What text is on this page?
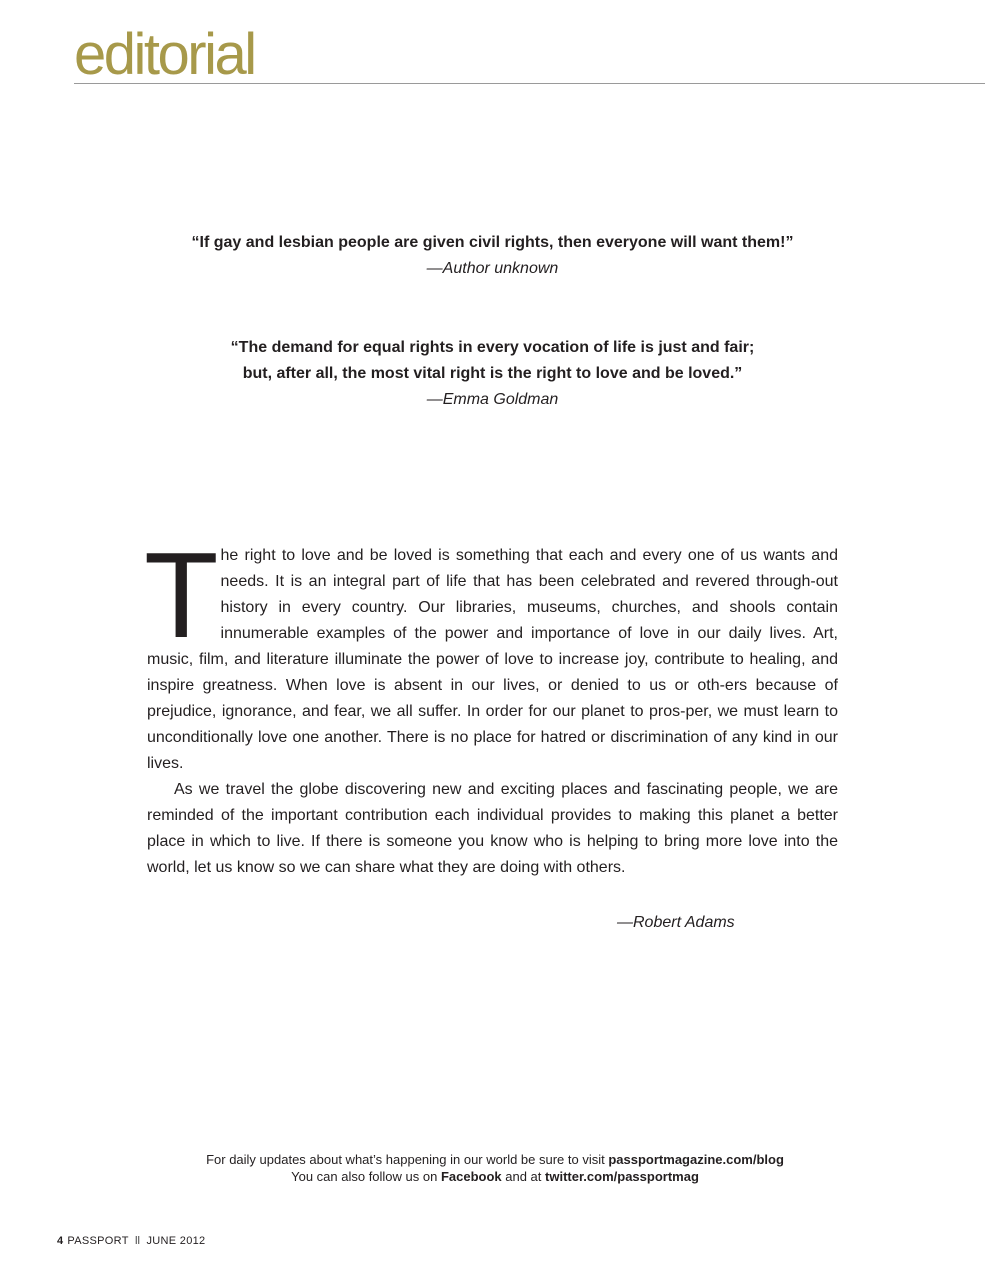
editorial

“If gay and lesbian people are given civil rights, then everyone will want them!”

—Author unknown

“The demand for equal rights in every vocation of life is just and fair;

but, after all, the most vital right is the right to love and be loved.”

—Emma Goldman

The right to love and be loved is something that each and every one of us wants and needs. It is an integral part of life that has been celebrated and revered through-out history in every country. Our libraries, museums, churches, and shools contain innumerable examples of the power and importance of love in our daily lives. Art, music, film, and literature illuminate the power of love to increase joy, contribute to healing, and inspire greatness. When love is absent in our lives, or denied to us or oth-ers because of prejudice, ignorance, and fear, we all suffer. In order for our planet to pros-per, we must learn to unconditionally love one another. There is no place for hatred or discrimination of any kind in our lives.

As we travel the globe discovering new and exciting places and fascinating people, we are reminded of the important contribution each individual provides to making this planet a better place in which to live. If there is someone you know who is helping to bring more love into the world, let us know so we can share what they are doing with others.

—Robert Adams
For daily updates about what’s happening in our world be sure to visit passportmagazine.com/blog
You can also follow us on Facebook and at twitter.com/passportmag
4 PASSPORT ‖ JUNE 2012
